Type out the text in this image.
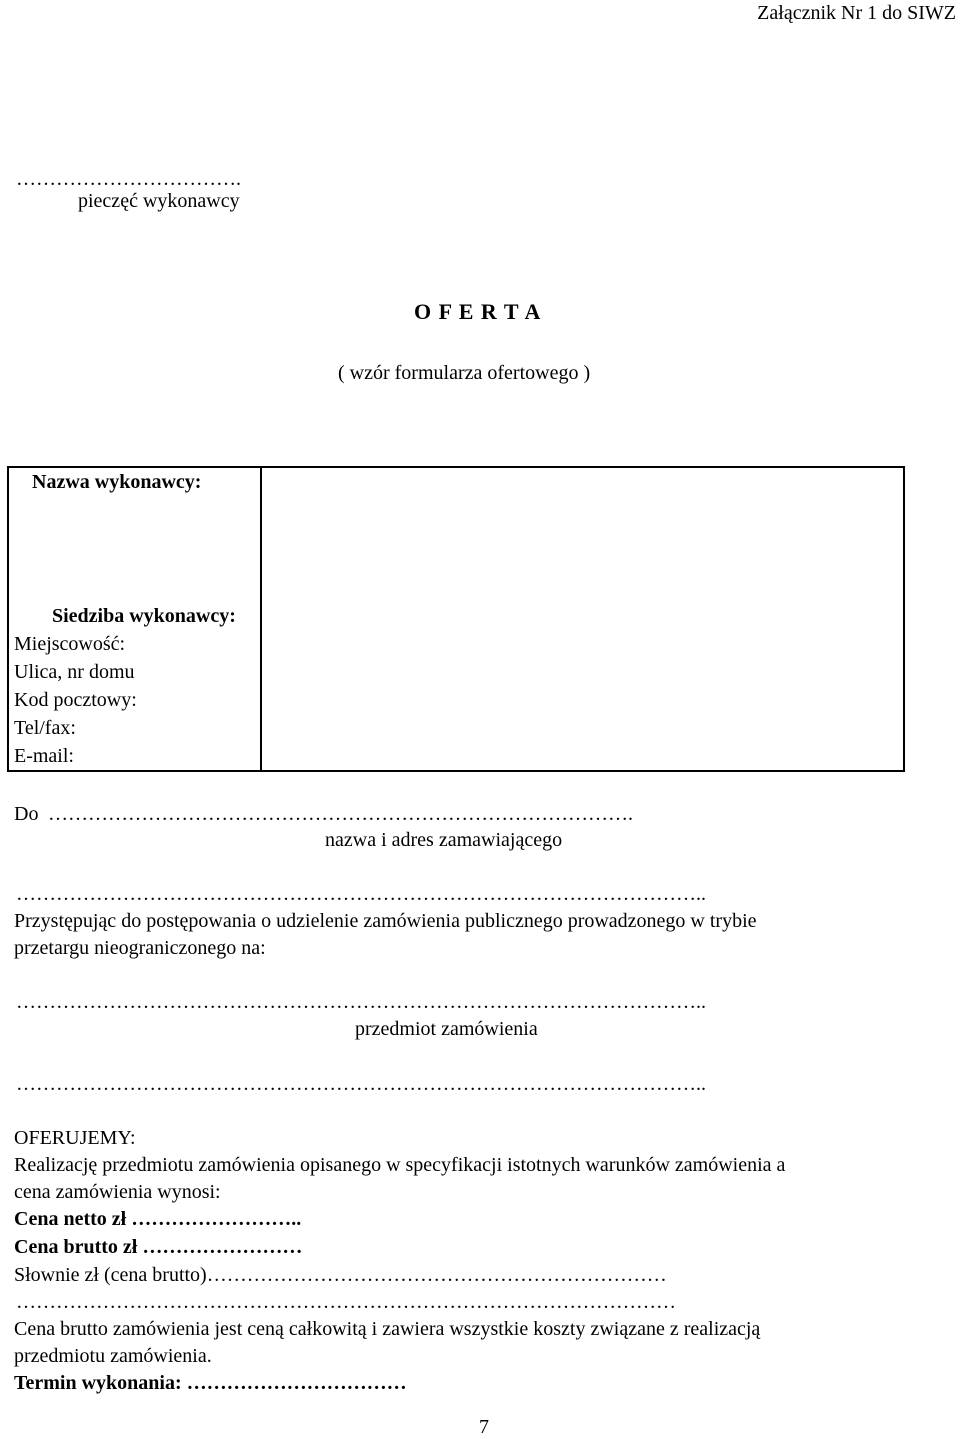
Załącznik Nr 1 do SIWZ
…………………………….
pieczęć wykonawcy
O F E R T A
( wzór formularza ofertowego )
Nazwa wykonawcy:
Siedziba wykonawcy:
Miejscowość:
Ulica, nr domu
Kod pocztowy:
Tel/fax:
E-mail:
Do …………………………………………………………………………….
nazwa i adres zamawiającego
…………………………………………………………………………………………..
Przystępując do postępowania o udzielenie zamówienia publicznego prowadzonego w trybie
przetargu nieograniczonego na:
…………………………………………………………………………………………..
przedmiot zamówienia
…………………………………………………………………………………………..
OFERUJEMY:
Realizację przedmiotu zamówienia opisanego w specyfikacji istotnych warunków zamówienia a
cena zamówienia wynosi:
Cena netto zł ……………………..
Cena brutto zł ……………………
Słownie zł (cena brutto)……………………………………………………………
………………………………………………………………………………………
Cena brutto zamówienia jest ceną całkowitą i zawiera wszystkie koszty związane z realizacją
przedmiotu zamówienia.
Termin wykonania: ……………………………
7
